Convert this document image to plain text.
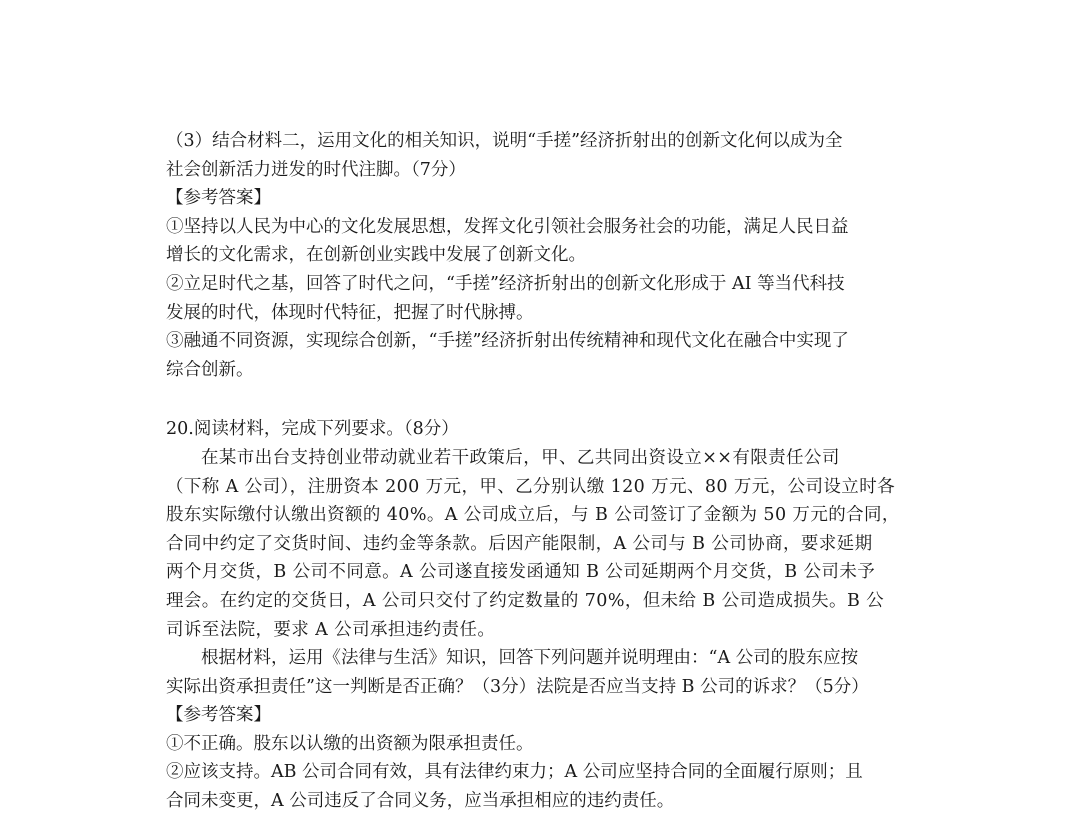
（3）结合材料二，运用文化的相关知识，说明“手搓”经济折射出的创新文化何以成为全

社会创新活力迸发的时代注脚。（7分）

【参考答案】

①坚持以人民为中心的文化发展思想，发挥文化引领社会服务社会的功能，满足人民日益

增长的文化需求，在创新创业实践中发展了创新文化。

②立足时代之基，回答了时代之问，“手搓”经济折射出的创新文化形成于 AI 等当代科技

发展的时代，体现时代特征，把握了时代脉搏。

③融通不同资源，实现综合创新，“手搓”经济折射出传统精神和现代文化在融合中实现了

综合创新。

20.阅读材料，完成下列要求。（8分）

在某市出台支持创业带动就业若干政策后，甲、乙共同出资设立××有限责任公司

（下称 A 公司），注册资本 200 万元，甲、乙分别认缴 120 万元、80 万元，公司设立时各

股东实际缴付认缴出资额的 40%。A 公司成立后，与 B 公司签订了金额为 50 万元的合同，

合同中约定了交货时间、违约金等条款。后因产能限制，A 公司与 B 公司协商，要求延期

两个月交货，B 公司不同意。A 公司遂直接发函通知 B 公司延期两个月交货，B 公司未予

理会。在约定的交货日，A 公司只交付了约定数量的 70%，但未给 B 公司造成损失。B 公

司诉至法院，要求 A 公司承担违约责任。

根据材料，运用《法律与生活》知识，回答下列问题并说明理由：“A 公司的股东应按

实际出资承担责任”这一判断是否正确？（3分）法院是否应当支持 B 公司的诉求？（5分）

【参考答案】

①不正确。股东以认缴的出资额为限承担责任。

②应该支持。AB 公司合同有效，具有法律约束力；A 公司应坚持合同的全面履行原则；且

合同未变更，A 公司违反了合同义务，应当承担相应的违约责任。
